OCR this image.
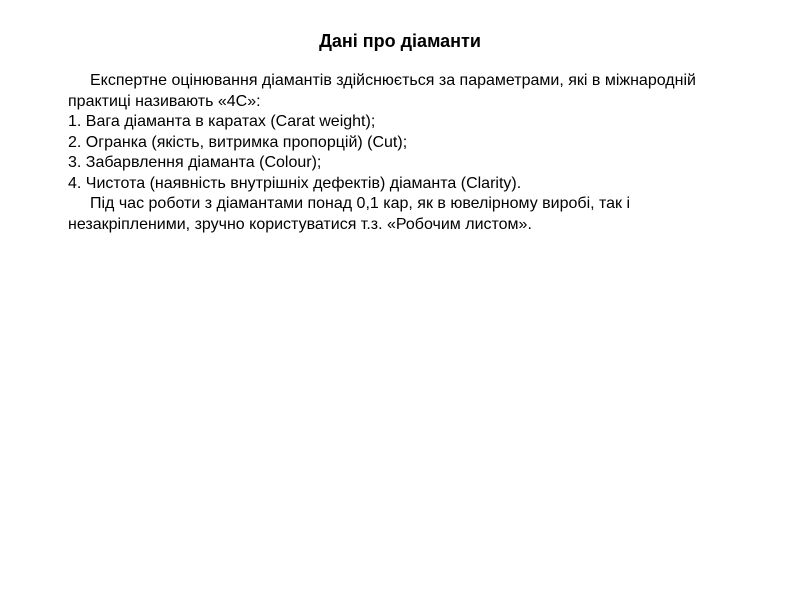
Дані про діаманти

Експертне оцінювання діамантів здійснюється за параметрами, які в міжнародній практиці називають «4С»:

1. Вага діаманта в каратах (Carat weight);
2. Огранка (якість, витримка пропорцій) (Cut);
3. Забарвлення діаманта (Colour);
4. Чистота (наявність внутрішніх дефектів) діаманта (Clarity).

Під час роботи з діамантами понад 0,1 кар, як в ювелірному виробі, так і незакріпленими, зручно користуватися т.з. «Робочим листом».
